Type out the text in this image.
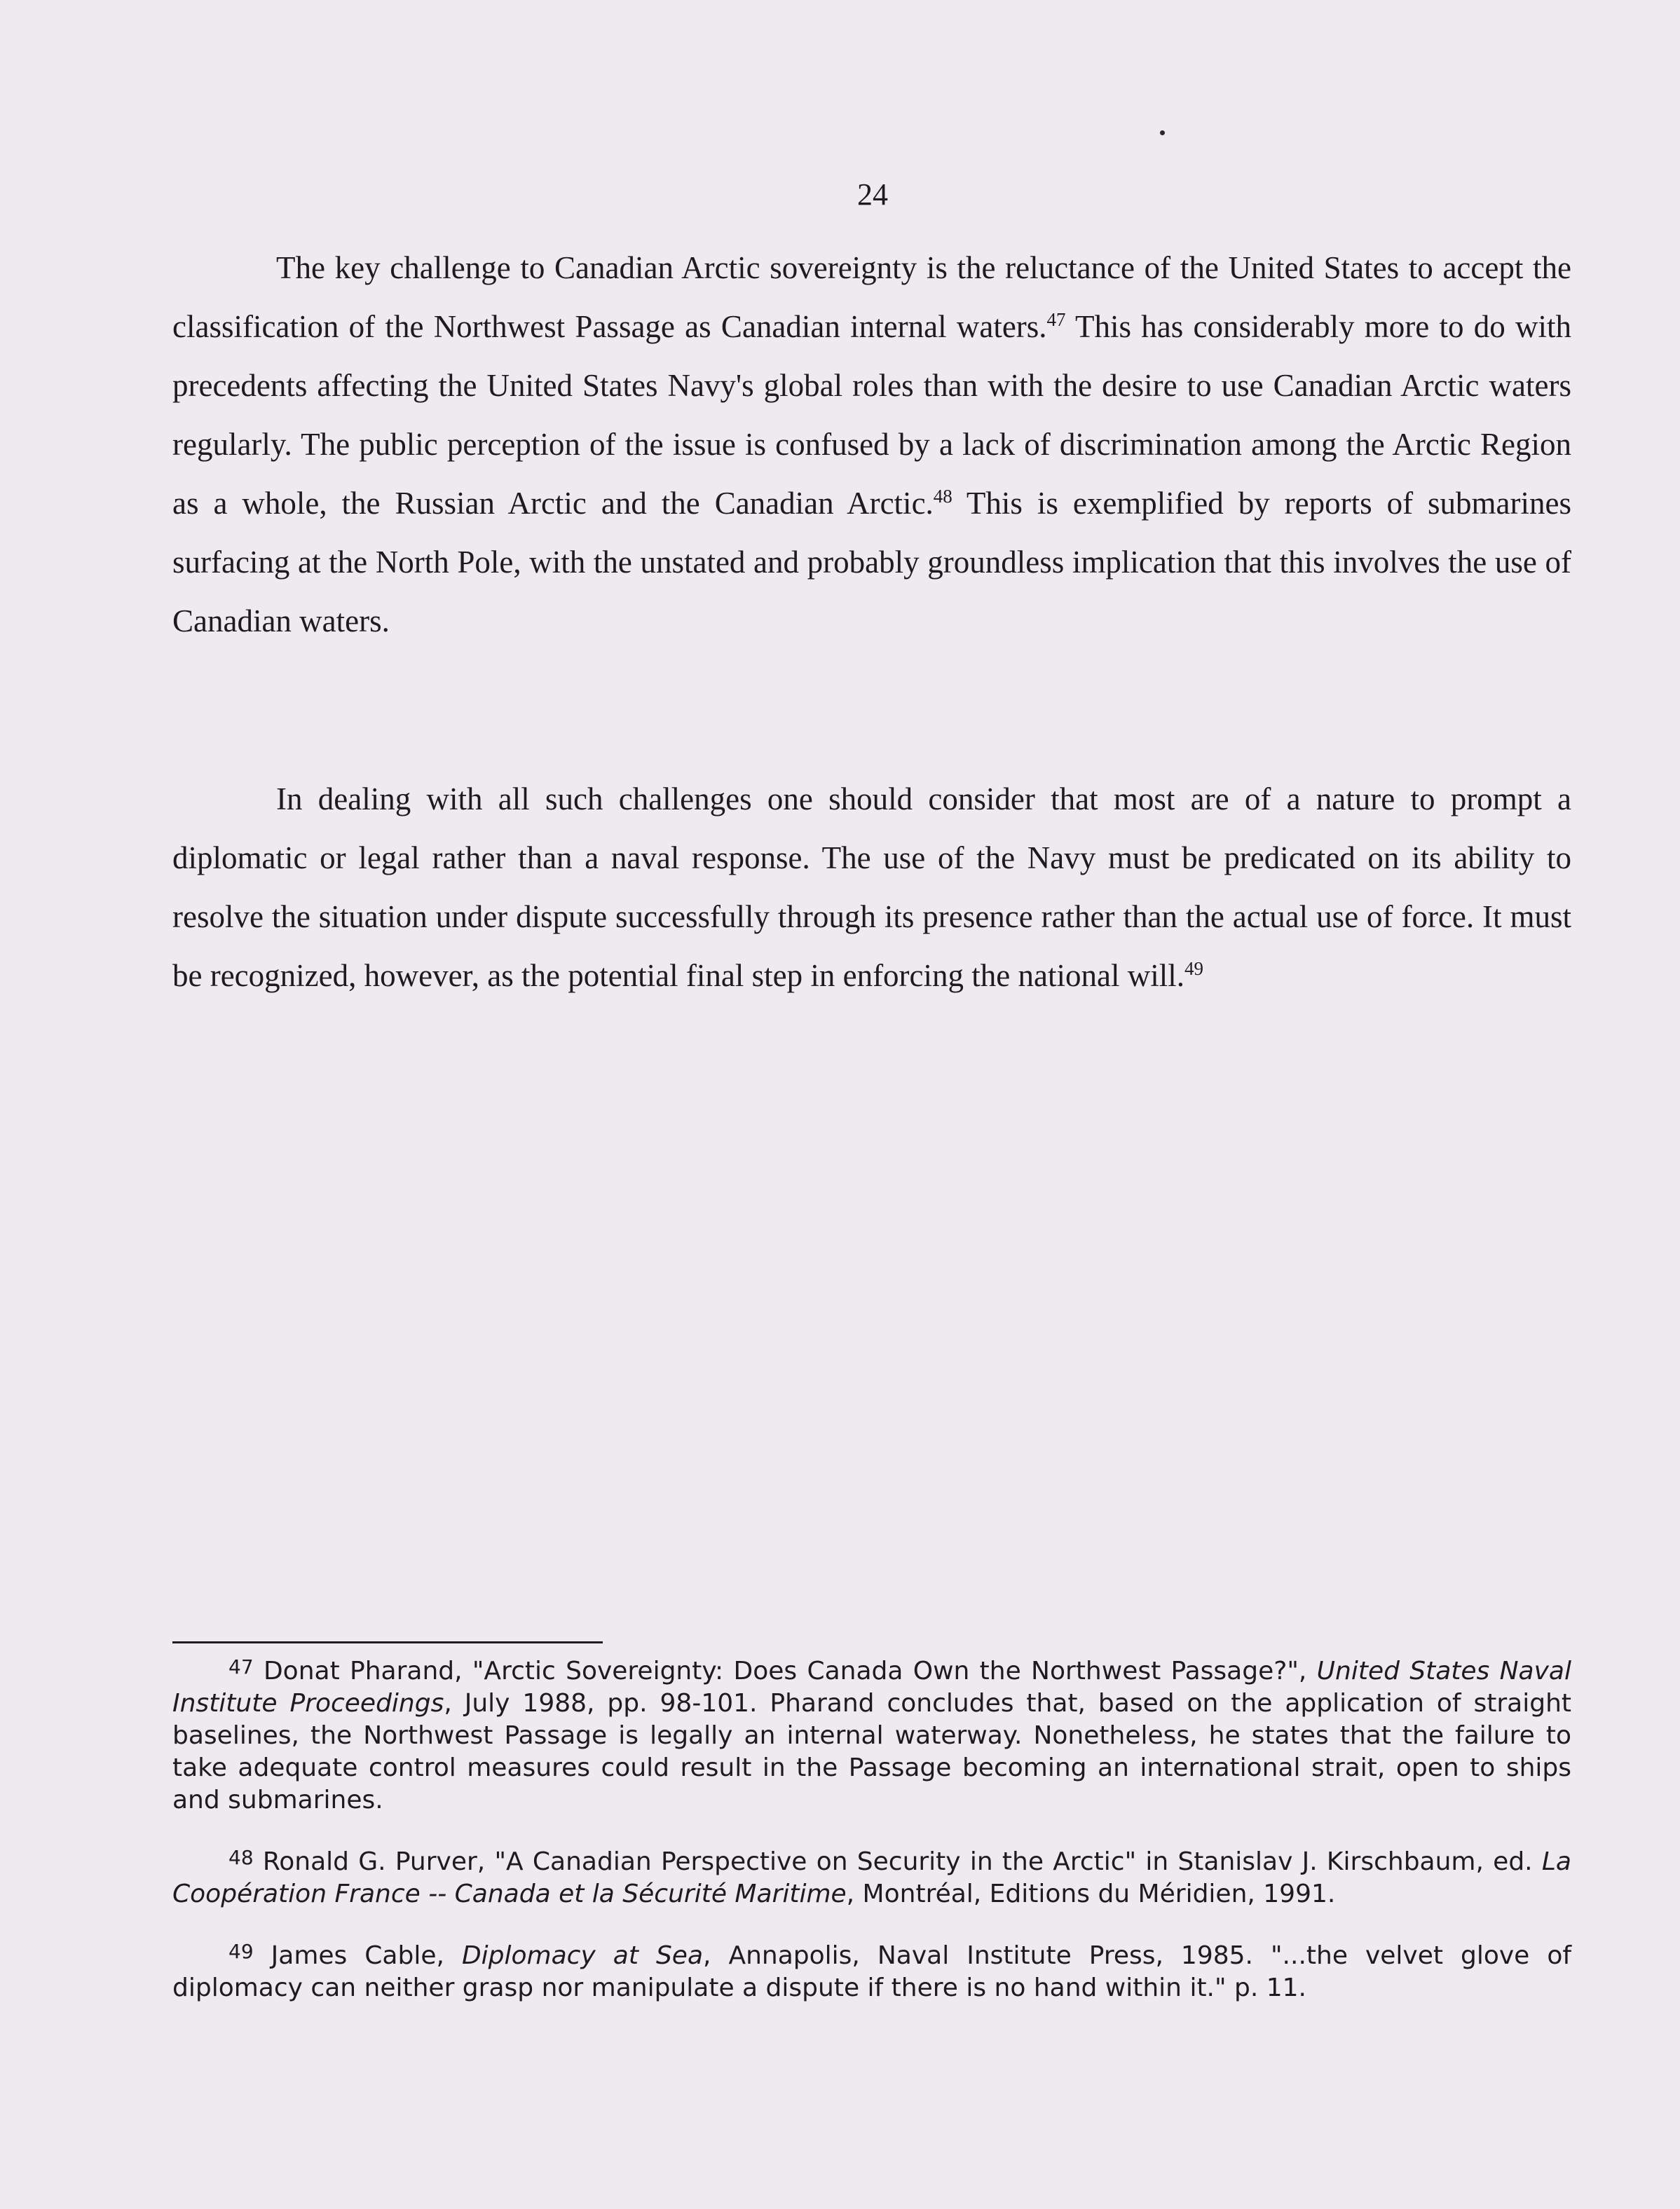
24

The key challenge to Canadian Arctic sovereignty is the reluctance of the United States to accept the classification of the Northwest Passage as Canadian internal waters.$^{47}$ This has considerably more to do with precedents affecting the United States Navy's global roles than with the desire to use Canadian Arctic waters regularly. The public perception of the issue is confused by a lack of discrimination among the Arctic Region as a whole, the Russian Arctic and the Canadian Arctic.$^{48}$ This is exemplified by reports of submarines surfacing at the North Pole, with the unstated and probably groundless implication that this involves the use of Canadian waters.

In dealing with all such challenges one should consider that most are of a nature to prompt a diplomatic or legal rather than a naval response. The use of the Navy must be predicated on its ability to resolve the situation under dispute successfully through its presence rather than the actual use of force. It must be recognized, however, as the potential final step in enforcing the national will.$^{49}$

$^{47}$ Donat Pharand, "Arctic Sovereignty: Does Canada Own the Northwest Passage?", United States Naval Institute Proceedings, July 1988, pp. 98-101. Pharand concludes that, based on the application of straight baselines, the Northwest Passage is legally an internal waterway. Nonetheless, he states that the failure to take adequate control measures could result in the Passage becoming an international strait, open to ships and submarines.

$^{48}$ Ronald G. Purver, "A Canadian Perspective on Security in the Arctic" in Stanislav J. Kirschbaum, ed. La Coopération France -- Canada et la Sécurité Maritime, Montréal, Editions du Méridien, 1991.

$^{49}$ James Cable, Diplomacy at Sea, Annapolis, Naval Institute Press, 1985. "...the velvet glove of diplomacy can neither grasp nor manipulate a dispute if there is no hand within it." p. 11.
